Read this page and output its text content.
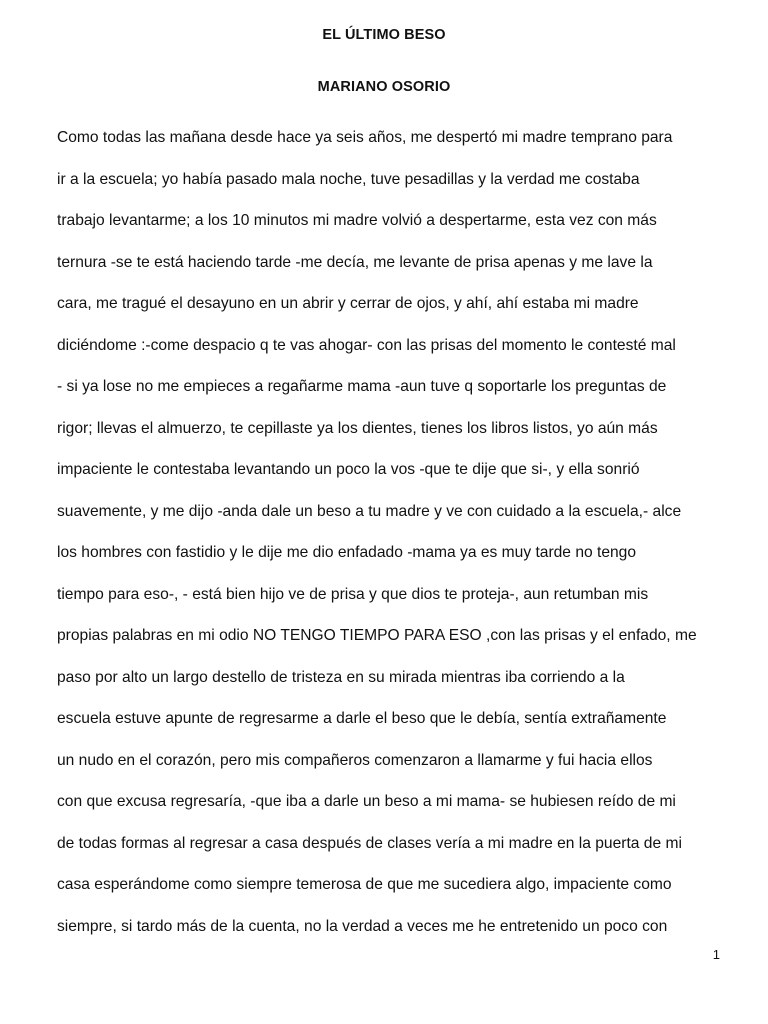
EL ÚLTIMO BESO
MARIANO OSORIO
Como todas las mañana desde hace ya seis años, me despertó mi madre temprano para
ir a la escuela; yo había pasado mala noche, tuve pesadillas y la verdad me costaba
trabajo levantarme; a los 10 minutos mi madre volvió a despertarme, esta vez con más
ternura -se te está haciendo tarde -me decía, me levante de prisa apenas y me lave la
cara, me tragué el desayuno en un abrir y cerrar de ojos, y ahí, ahí estaba mi madre
diciéndome :-come despacio q te vas ahogar- con las prisas del momento le contesté mal
- si ya lose no me empieces a regañarme mama -aun tuve q soportarle los preguntas de
rigor; llevas el almuerzo, te cepillaste ya los dientes, tienes los libros listos, yo aún más
impaciente le contestaba levantando un poco la vos -que te dije que si-, y ella sonrió
suavemente, y me dijo -anda dale un beso a tu madre y ve con cuidado a la escuela,- alce
los hombres con fastidio y le dije me dio enfadado -mama ya es muy tarde no tengo
tiempo para eso-, - está bien hijo ve de prisa y que dios te proteja-, aun retumban mis
propias palabras en mi odio NO TENGO TIEMPO PARA ESO ,con las prisas y el enfado, me
paso por alto un largo destello de tristeza en su mirada mientras iba corriendo a la
escuela estuve apunte de regresarme a darle el beso que le debía, sentía extrañamente
un nudo en el corazón, pero mis compañeros comenzaron a llamarme y fui hacia ellos
con que excusa regresaría, -que iba a darle un beso a mi mama- se hubiesen reído de mi
de todas formas al regresar a casa después de clases vería a mi madre en la puerta de mi
casa esperándome como siempre temerosa de que me sucediera algo, impaciente como
siempre, si tardo más de la cuenta, no la verdad a veces me he entretenido un poco con
1
